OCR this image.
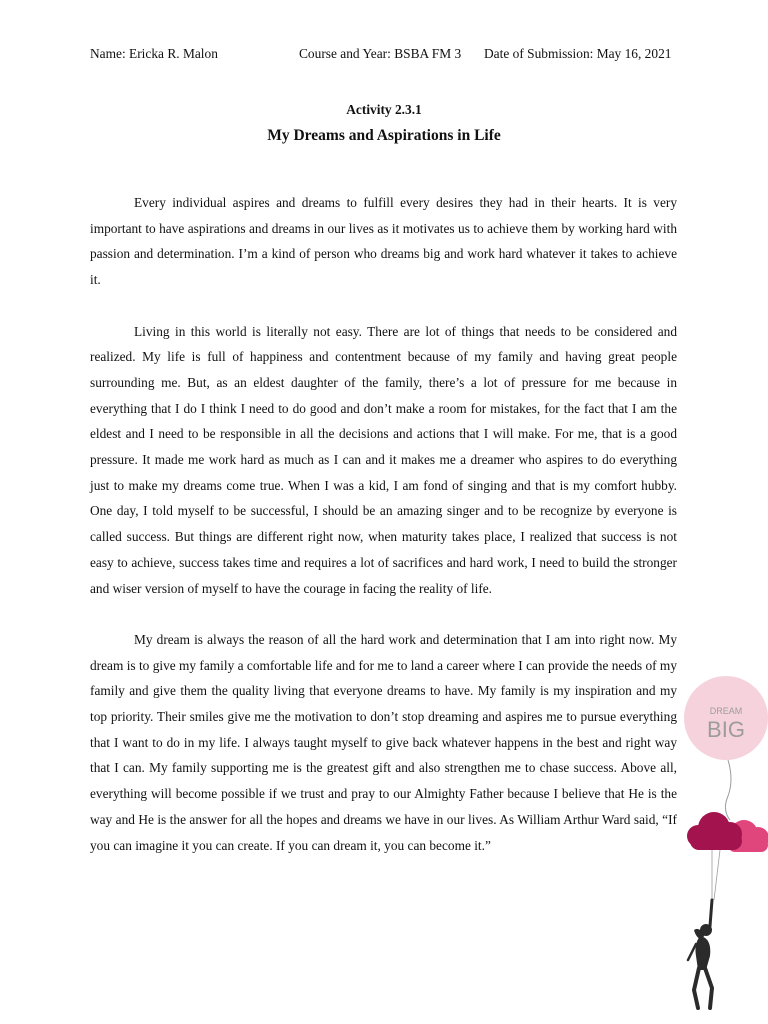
Name: Ericka R. Malon	Course and Year: BSBA FM 3 Date of Submission: May 16, 2021
Activity 2.3.1
My Dreams and Aspirations in Life

Every individual aspires and dreams to fulfill every desires they had in their hearts. It is very important to have aspirations and dreams in our lives as it motivates us to achieve them by working hard with passion and determination. I’m a kind of person who dreams big and work hard whatever it takes to achieve it.

Living in this world is literally not easy. There are lot of things that needs to be considered and realized. My life is full of happiness and contentment because of my family and having great people surrounding me. But, as an eldest daughter of the family, there’s a lot of pressure for me because in everything that I do I think I need to do good and don’t make a room for mistakes, for the fact that I am the eldest and I need to be responsible in all the decisions and actions that I will make. For me, that is a good pressure. It made me work hard as much as I can and it makes me a dreamer who aspires to do everything just to make my dreams come true. When I was a kid, I am fond of singing and that is my comfort hubby. One day, I told myself to be successful, I should be an amazing singer and to be recognize by everyone is called success. But things are different right now, when maturity takes place, I realized that success is not easy to achieve, success takes time and requires a lot of sacrifices and hard work, I need to build the stronger and wiser version of myself to have the courage in facing the reality of life.

My dream is always the reason of all the hard work and determination that I am into right now. My dream is to give my family a comfortable life and for me to land a career where I can provide the needs of my family and give them the quality living that everyone dreams to have. My family is my inspiration and my top priority. Their smiles give me the motivation to don’t stop dreaming and aspires me to pursue everything that I want to do in my life. I always taught myself to give back whatever happens in the best and right way that I can. My family supporting me is the greatest gift and also strengthen me to chase success. Above all, everything will become possible if we trust and pray to our Almighty Father because I believe that He is the way and He is the answer for all the hopes and dreams we have in our lives. As William Arthur Ward said, “If you can imagine it you can create. If you can dream it, you can become it.”

DREAM
BIG
